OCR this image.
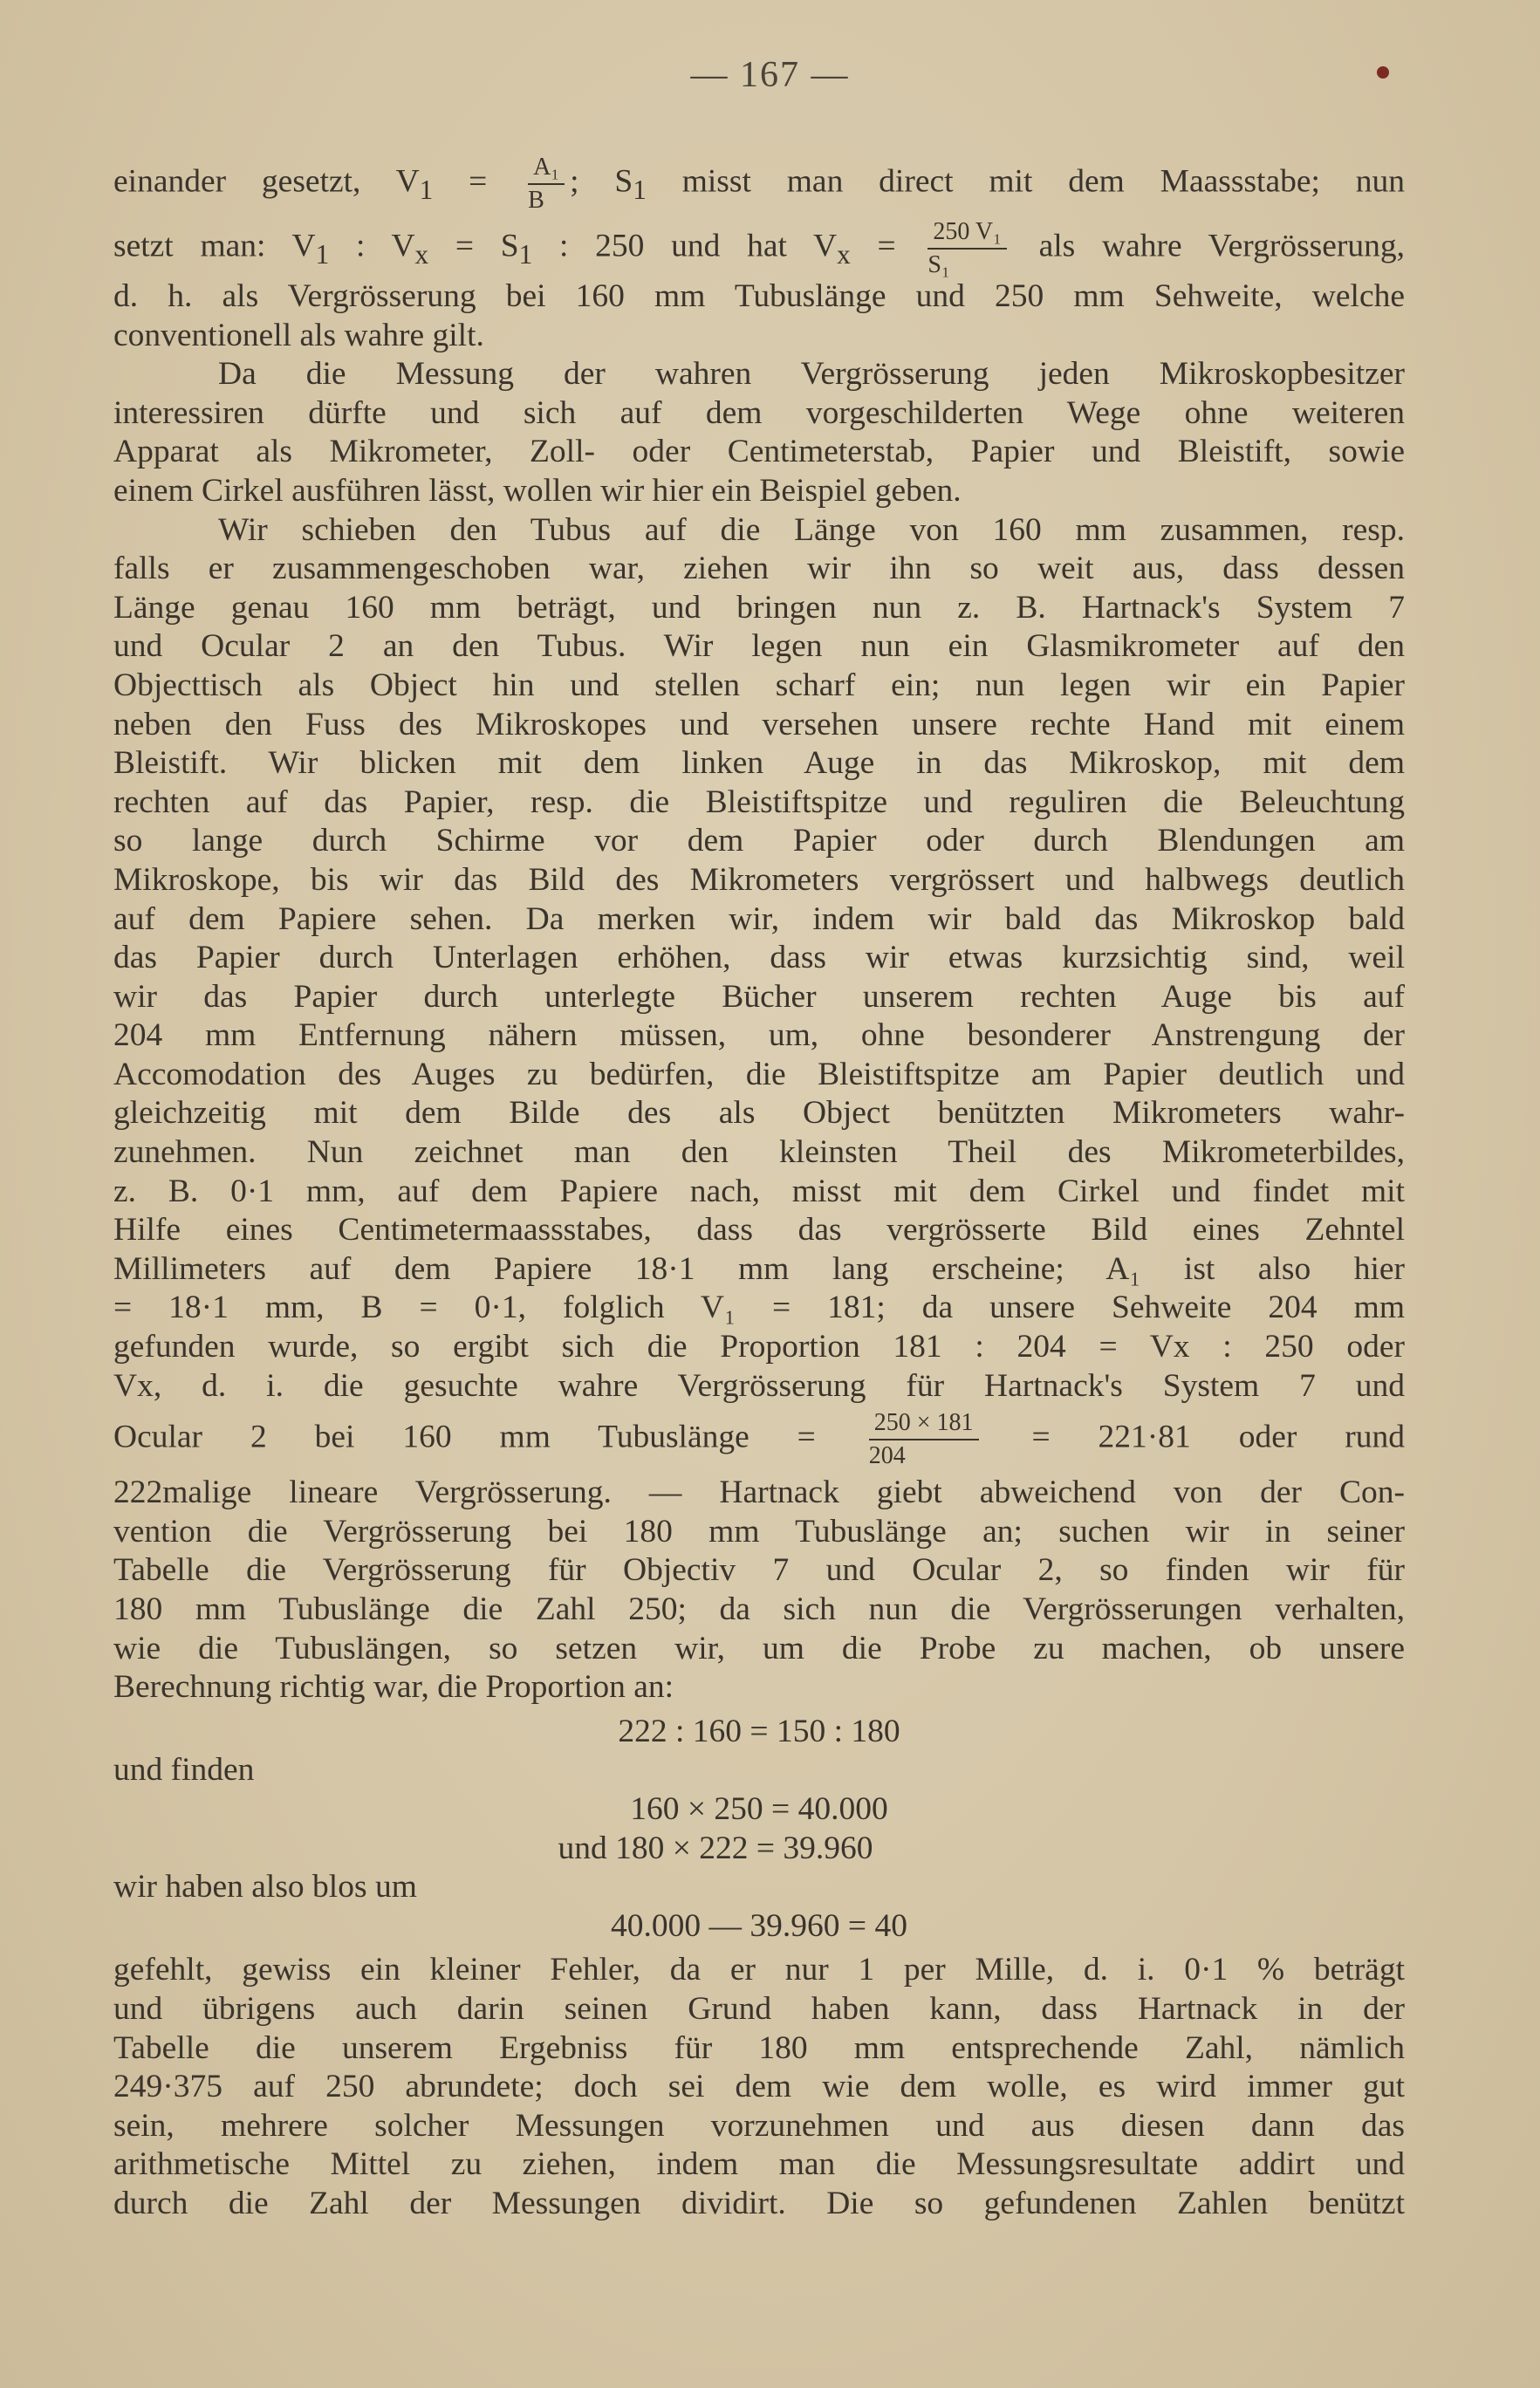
— 167 —
einander gesetzt, $V_1 = \frac{\text{A₁}}{B}$ ; $S_1$ misst man direct mit dem Maassstabe; nun
setzt man: $V_1$ : $V_x = S_1$ : 250 und hat $V_x = \frac{\text{250 V₁}}{\text{S₁}}$ als wahre Vergrösserung,
d. h. als Vergrösserung bei 160 mm Tubuslänge und 250 mm Sehweite, welche
conventionell als wahre gilt.
Da die Messung der wahren Vergrösserung jeden Mikroskopbesitzer
interessiren dürfte und sich auf dem vorgeschilderten Wege ohne weiteren
Apparat als Mikrometer, Zoll- oder Centimeterstab, Papier und Bleistift, sowie
einem Cirkel ausführen lässt, wollen wir hier ein Beispiel geben.
Wir schieben den Tubus auf die Länge von 160 mm zusammen, resp.
falls er zusammengeschoben war, ziehen wir ihn so weit aus, dass dessen
Länge genau 160 mm beträgt, und bringen nun z. B. Hartnack's System 7
und Ocular 2 an den Tubus. Wir legen nun ein Glasmikrometer auf den
Objecttisch als Object hin und stellen scharf ein; nun legen wir ein Papier
neben den Fuss des Mikroskopes und versehen unsere rechte Hand mit einem
Bleistift. Wir blicken mit dem linken Auge in das Mikroskop, mit dem
rechten auf das Papier, resp. die Bleistiftspitze und reguliren die Beleuchtung
so lange durch Schirme vor dem Papier oder durch Blendungen am
Mikroskope, bis wir das Bild des Mikrometers vergrössert und halbwegs deutlich
auf dem Papiere sehen. Da merken wir, indem wir bald das Mikroskop bald
das Papier durch Unterlagen erhöhen, dass wir etwas kurzsichtig sind, weil
wir das Papier durch unterlegte Bücher unserem rechten Auge bis auf
204 mm Entfernung nähern müssen, um, ohne besonderer Anstrengung der
Accomodation des Auges zu bedürfen, die Bleistiftspitze am Papier deutlich und
gleichzeitig mit dem Bilde des als Object benützten Mikrometers wahr-
zunehmen. Nun zeichnet man den kleinsten Theil des Mikrometerbildes,
z. B. 0·1 mm, auf dem Papiere nach, misst mit dem Cirkel und findet mit
Hilfe eines Centimetermaassstabes, dass das vergrösserte Bild eines Zehntel
Millimeters auf dem Papiere 18·1 mm lang erscheine; A₁ ist also hier
= 18·1 mm, B = 0·1, folglich V₁ = 181; da unsere Sehweite 204 mm
gefunden wurde, so ergibt sich die Proportion 181 : 204 = Vx : 250 oder
Vx, d. i. die gesuchte wahre Vergrösserung für Hartnack's System 7 und
Ocular 2 bei 160 mm Tubuslänge = $\frac{250 \times 181}{204} = 221\cdot 81$ oder rund
222malige lineare Vergrösserung. — Hartnack giebt abweichend von der Con-
vention die Vergrösserung bei 180 mm Tubuslänge an; suchen wir in seiner
Tabelle die Vergrösserung für Objectiv 7 und Ocular 2, so finden wir für
180 mm Tubuslänge die Zahl 250; da sich nun die Vergrösserungen verhalten,
wie die Tubuslängen, so setzen wir, um die Probe zu machen, ob unsere
Berechnung richtig war, die Proportion an:
222 : 160 = 150 : 180
und finden
160 × 250 = 40.000
und 180 × 222 = 39.960
wir haben also blos um
40.000 — 39.960 = 40
gefehlt, gewiss ein kleiner Fehler, da er nur 1 per Mille, d. i. 0·1 % beträgt
und übrigens auch darin seinen Grund haben kann, dass Hartnack in der
Tabelle die unserem Ergebniss für 180 mm entsprechende Zahl, nämlich
249·375 auf 250 abrundete; doch sei dem wie dem wolle, es wird immer gut
sein, mehrere solcher Messungen vorzunehmen und aus diesen dann das
arithmetische Mittel zu ziehen, indem man die Messungsresultate addirt und
durch die Zahl der Messungen dividirt. Die so gefundenen Zahlen benützt
